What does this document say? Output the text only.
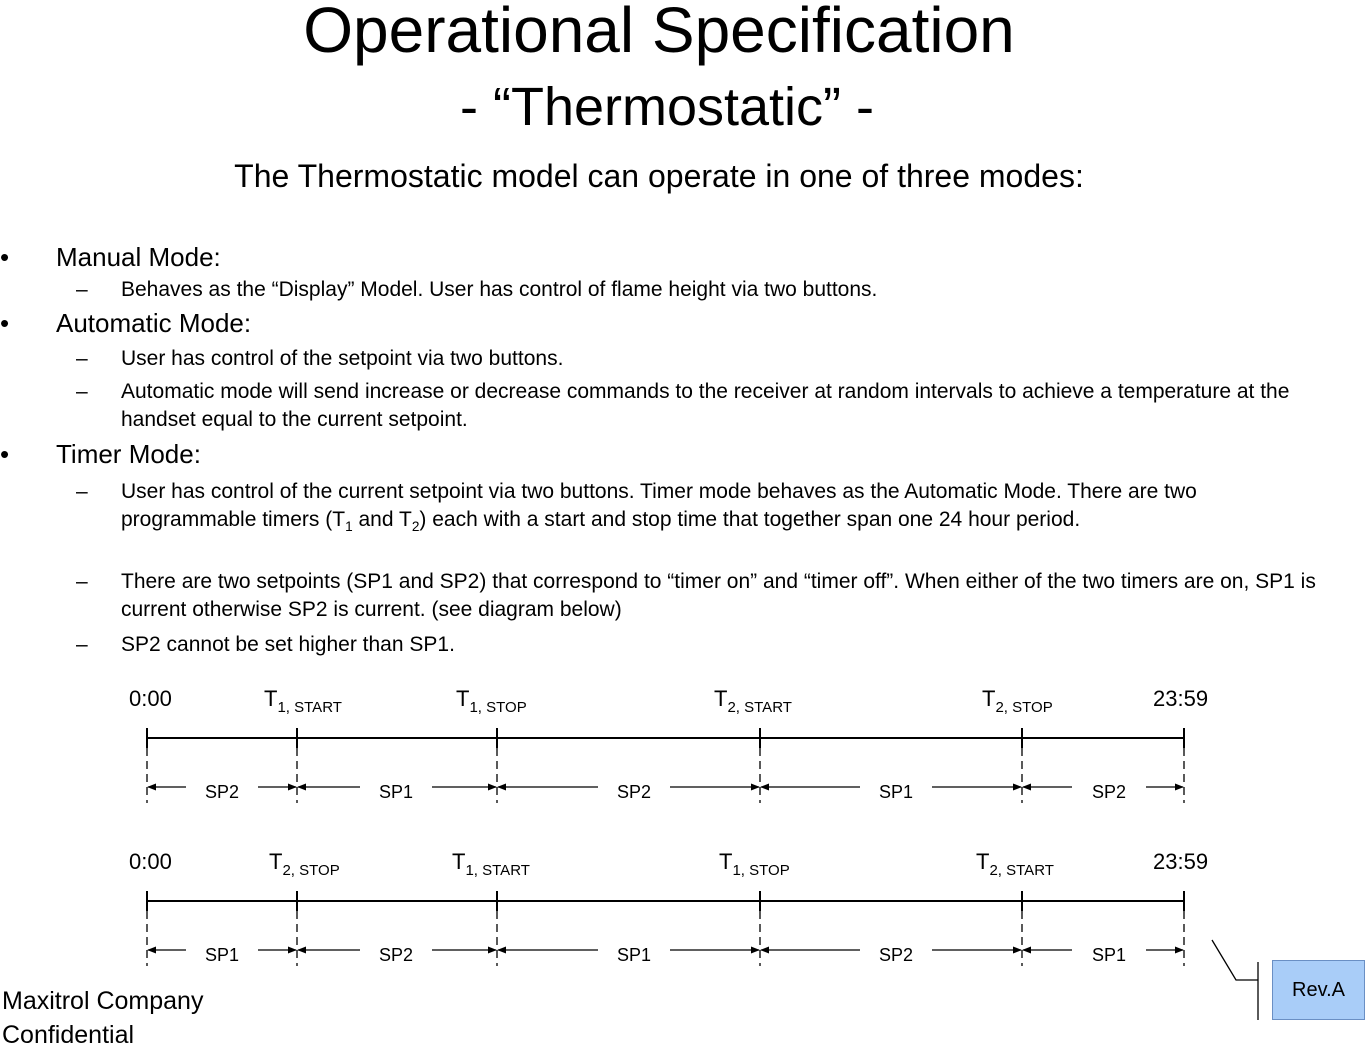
Operational Specification
- “Thermostatic” -
The Thermostatic model can operate in one of three modes:
• Manual Mode:
– Behaves as the “Display” Model. User has control of flame height via two buttons.
• Automatic Mode:
– User has control of the setpoint via two buttons.
– Automatic mode will send increase or decrease commands to the receiver at random intervals to achieve a temperature at the handset equal to the current setpoint.
• Timer Mode:
– User has control of the current setpoint via two buttons. Timer mode behaves as the Automatic Mode. There are two programmable timers ($T_1$ and $T_2$) each with a start and stop time that together span one 24 hour period.
– There are two setpoints (SP1 and SP2) that correspond to “timer on” and “timer off”. When either of the two timers are on, SP1 is current otherwise SP2 is current. (see diagram below)
– SP2 cannot be set higher than SP1.
0:00	$T_{1, START}$	$T_{1, STOP}$	$T_{2, START}$	$T_{2, STOP}$	23:59
SP2	SP1	SP2	SP1	SP2
0:00	$T_{2, STOP}$	$T_{1, START}$	$T_{1, STOP}$	$T_{2, START}$	23:59
SP1	SP2	SP1	SP2	SP1
Maxitrol Company
Confidential
Rev.A
